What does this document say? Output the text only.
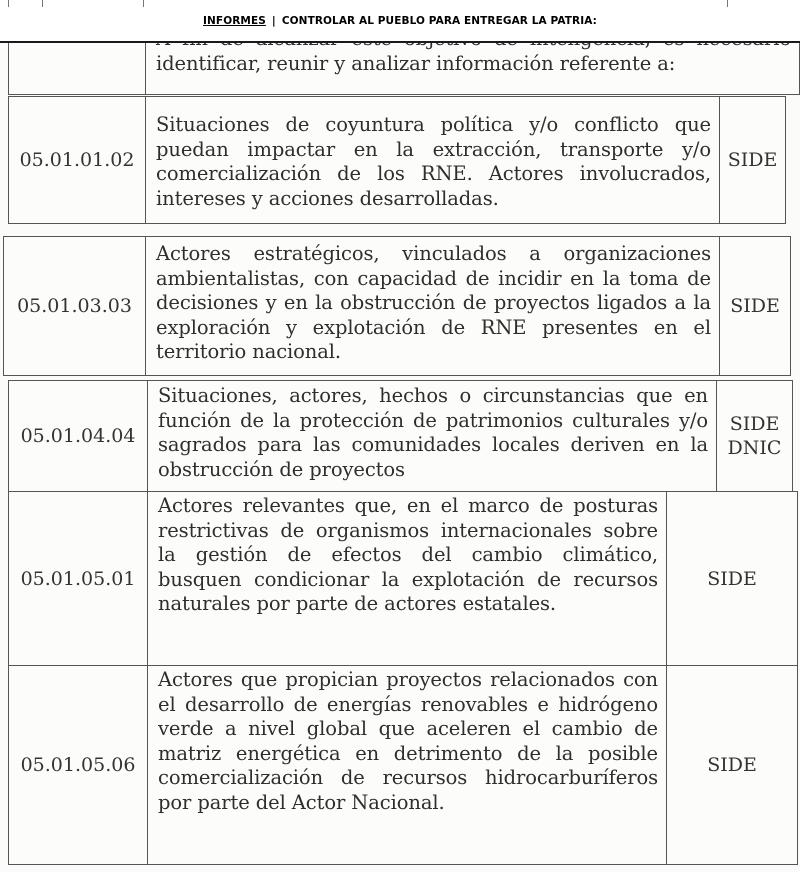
INFORMES | CONTROLAR AL PUEBLO PARA ENTREGAR LA PATRIA:
identificar, reunir y analizar información referente a:
05.01.01.02
Situaciones de coyuntura política y/o conflicto que puedan impactar en la extracción, transporte y/o comercialización de los RNE. Actores involucrados, intereses y acciones desarrolladas.
SIDE
05.01.03.03
Actores estratégicos, vinculados a organizaciones ambientalistas, con capacidad de incidir en la toma de decisiones y en la obstrucción de proyectos ligados a la exploración y explotación de RNE presentes en el territorio nacional.
SIDE
05.01.04.04
Situaciones, actores, hechos o circunstancias que en función de la protección de patrimonios culturales y/o sagrados para las comunidades locales deriven en la obstrucción de proyectos
SIDE
DNIC
05.01.05.01
Actores relevantes que, en el marco de posturas restrictivas de organismos internacionales sobre la gestión de efectos del cambio climático, busquen condicionar la explotación de recursos naturales por parte de actores estatales.
SIDE
05.01.05.06
Actores que propician proyectos relacionados con el desarrollo de energías renovables e hidrógeno verde a nivel global que aceleren el cambio de matriz energética en detrimento de la posible comercialización de recursos hidrocarburíferos por parte del Actor Nacional.
SIDE
